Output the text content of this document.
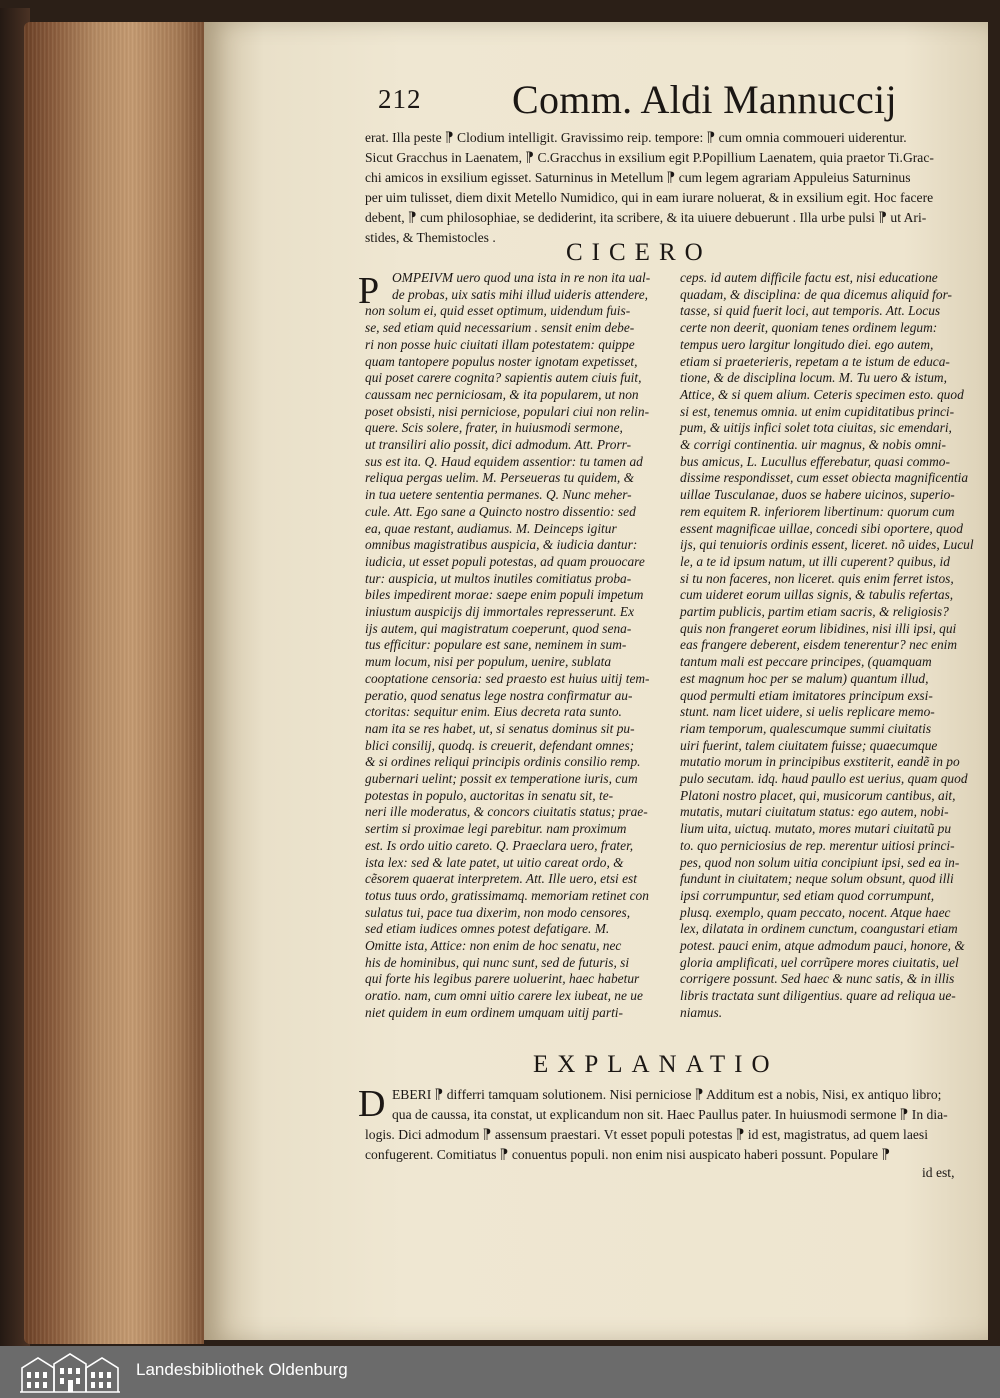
212 Comm. Aldi Mannuccij
erat. Illa peste ⁋ Clodium intelligit. Gravissimo reip. tempore: ⁋ cum omnia commoueri uiderentur.
Sicut Gracchus in Laenatem, ⁋ C.Gracchus in exsilium egit P.Popillium Laenatem, quia praetor Ti.Grac-
chi amicos in exsilium egisset. Saturninus in Metellum ⁋ cum legem agrariam Appuleius Saturninus
per uim tulisset, diem dixit Metello Numidico, qui in eam iurare noluerat, & in exsilium egit. Hoc facere
debent, ⁋ cum philosophiae, se dediderint, ita scribere, & ita uiuere debuerunt . Illa urbe pulsi ⁋ ut Ari-
stides, & Themistocles .
CICERO
P OMPEIVM uero quod una ista in re non ita ual-
de probas, uix satis mihi illud uideris attendere,
non solum ei, quid esset optimum, uidendum fuis-
se, sed etiam quid necessarium . sensit enim debe-
ri non posse huic ciuitati illam potestatem: quippe
quam tantopere populus noster ignotam expetisset,
qui poset carere cognita? sapientis autem ciuis fuit,
caussam nec perniciosam, & ita popularem, ut non
poset obsisti, nisi perniciose, populari ciui non relin-
quere. Scis solere, frater, in huiusmodi sermone,
ut transiliri alio possit, dici admodum. Att. Prorr-
sus est ita. Q. Haud equidem assentior: tu tamen ad
reliqua pergas uelim. M. Perseueras tu quidem, &
in tua uetere sententia permanes. Q. Nunc meher-
cule. Att. Ego sane a Quincto nostro dissentio: sed
ea, quae restant, audiamus. M. Deinceps igitur
omnibus magistratibus auspicia, & iudicia dantur:
iudicia, ut esset populi potestas, ad quam prouocare
tur: auspicia, ut multos inutiles comitiatus proba-
biles impedirent morae: saepe enim populi impetum
iniustum auspicijs dij immortales represserunt. Ex
ijs autem, qui magistratum coeperunt, quod sena-
tus efficitur: populare est sane, neminem in sum-
mum locum, nisi per populum, uenire, sublata
cooptatione censoria: sed praesto est huius uitij tem-
peratio, quod senatus lege nostra confirmatur au-
ctoritas: sequitur enim. Eius decreta rata sunto.
nam ita se res habet, ut, si senatus dominus sit pu-
blici consilij, quodq. is creuerit, defendant omnes;
& si ordines reliqui principis ordinis consilio remp.
gubernari uelint; possit ex temperatione iuris, cum
potestas in populo, auctoritas in senatu sit, te-
neri ille moderatus, & concors ciuitatis status; prae-
sertim si proximae legi parebitur. nam proximum
est. Is ordo uitio careto. Q. Praeclara uero, frater,
ista lex: sed & late patet, ut uitio careat ordo, &
cẽsorem quaerat interpretem. Att. Ille uero, etsi est
totus tuus ordo, gratissimamq. memoriam retinet con
sulatus tui, pace tua dixerim, non modo censores,
sed etiam iudices omnes potest defatigare. M.
Omitte ista, Attice: non enim de hoc senatu, nec
his de hominibus, qui nunc sunt, sed de futuris, si
qui forte his legibus parere uoluerint, haec habetur
oratio. nam, cum omni uitio carere lex iubeat, ne ue
niet quidem in eum ordinem umquam uitij parti-
ceps. id autem difficile factu est, nisi educatione
quadam, & disciplina: de qua dicemus aliquid for-
tasse, si quid fuerit loci, aut temporis. Att. Locus
certe non deerit, quoniam tenes ordinem legum:
tempus uero largitur longitudo diei. ego autem,
etiam si praeterieris, repetam a te istum de educa-
tione, & de disciplina locum. M. Tu uero & istum,
Attice, & si quem alium. Ceteris specimen esto. quod
si est, tenemus omnia. ut enim cupiditatibus princi-
pum, & uitijs infici solet tota ciuitas, sic emendari,
& corrigi continentia. uir magnus, & nobis omni-
bus amicus, L. Lucullus efferebatur, quasi commo-
dissime respondisset, cum esset obiecta magnificentia
uillae Tusculanae, duos se habere uicinos, superio-
rem equitem R. inferiorem libertinum: quorum cum
essent magnificae uillae, concedi sibi oportere, quod
ijs, qui tenuioris ordinis essent, liceret. nõ uides, Lucul
le, a te id ipsum natum, ut illi cuperent? quibus, id
si tu non faceres, non liceret. quis enim ferret istos,
cum uideret eorum uillas signis, & tabulis refertas,
partim publicis, partim etiam sacris, & religiosis?
quis non frangeret eorum libidines, nisi illi ipsi, qui
eas frangere deberent, eisdem tenerentur? nec enim
tantum mali est peccare principes, (quamquam
est magnum hoc per se malum) quantum illud,
quod permulti etiam imitatores principum exsi-
stunt. nam licet uidere, si uelis replicare memo-
riam temporum, qualescumque summi ciuitatis
uiri fuerint, talem ciuitatem fuisse; quaecumque
mutatio morum in principibus exstiterit, eandẽ in po
pulo secutam. idq. haud paullo est uerius, quam quod
Platoni nostro placet, qui, musicorum cantibus, ait,
mutatis, mutari ciuitatum status: ego autem, nobi-
lium uita, uictuq. mutato, mores mutari ciuitatũ pu
to. quo perniciosius de rep. merentur uitiosi princi-
pes, quod non solum uitia concipiunt ipsi, sed ea in-
fundunt in ciuitatem; neque solum obsunt, quod illi
ipsi corrumpuntur, sed etiam quod corrumpunt,
plusq. exemplo, quam peccato, nocent. Atque haec
lex, dilatata in ordinem cunctum, coangustari etiam
potest. pauci enim, atque admodum pauci, honore, &
gloria amplificati, uel corrũpere mores ciuitatis, uel
corrigere possunt. Sed haec & nunc satis, & in illis
libris tractata sunt diligentius. quare ad reliqua ue-
niamus.
EXPLANATIO
D EBERI ⁋ differri tamquam solutionem. Nisi perniciose ⁋ Additum est a nobis, Nisi, ex antiquo libro;
qua de caussa, ita constat, ut explicandum non sit. Haec Paullus pater. In huiusmodi sermone ⁋ In dia-
logis. Dici admodum ⁋ assensum praestari. Vt esset populi potestas ⁋ id est, magistratus, ad quem laesi
confugerent. Comitiatus ⁋ conuentus populi. non enim nisi auspicato haberi possunt. Populare ⁋
id est,
Landesbibliothek Oldenburg
